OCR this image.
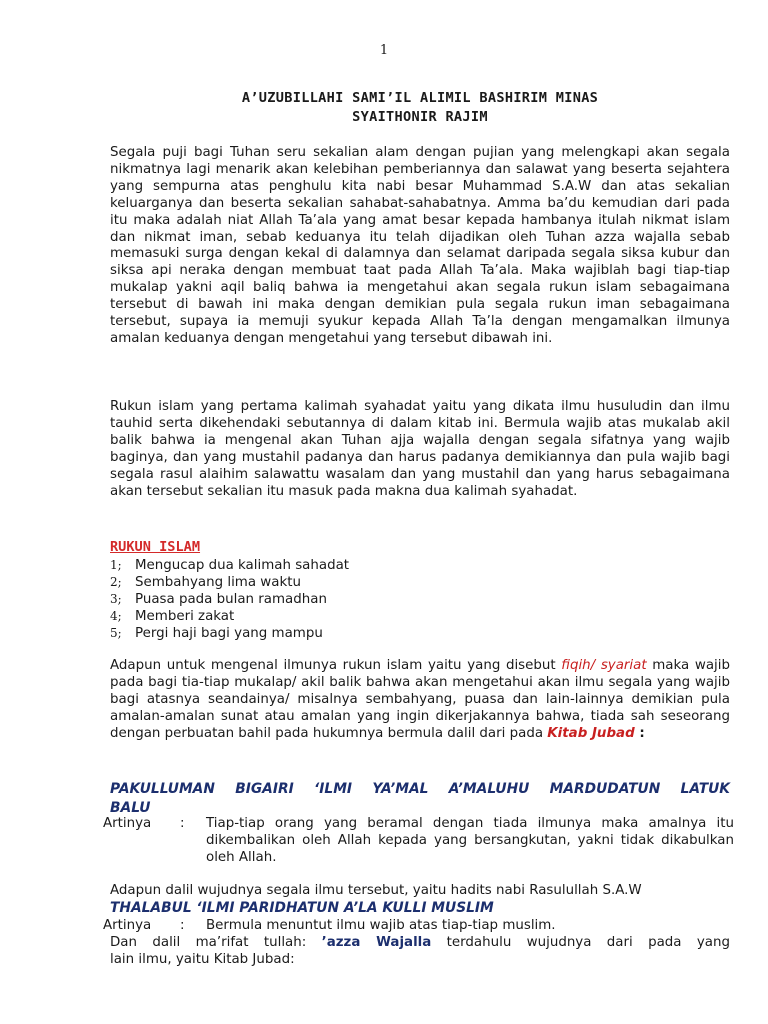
1
A’UZUBILLAHI SAMI’IL ALIMIL BASHIRIM MINAS
SYAITHONIR RAJIM

Segala puji bagi Tuhan seru sekalian alam dengan pujian yang melengkapi akan segala nikmatnya lagi menarik akan kelebihan pemberiannya dan salawat yang beserta sejahtera yang sempurna atas penghulu kita nabi besar Muhammad S.A.W dan atas sekalian keluarganya dan beserta sekalian sahabat-sahabatnya. Amma ba’du kemudian dari pada itu maka adalah niat Allah Ta’ala yang amat besar kepada hambanya itulah nikmat islam dan nikmat iman, sebab keduanya itu telah dijadikan oleh Tuhan azza wajalla sebab memasuki surga dengan kekal di dalamnya dan selamat daripada segala siksa kubur dan siksa api neraka dengan membuat taat pada Allah Ta’ala. Maka wajiblah bagi tiap-tiap mukalap yakni aqil baliq bahwa ia mengetahui akan segala rukun islam sebagaimana tersebut di bawah ini maka dengan demikian pula segala rukun iman sebagaimana tersebut, supaya ia memuji syukur kepada Allah Ta’la dengan mengamalkan ilmunya amalan keduanya dengan mengetahui yang tersebut dibawah ini.

Rukun islam yang pertama kalimah syahadat yaitu yang dikata ilmu husuludin dan ilmu tauhid serta dikehendaki sebutannya di dalam kitab ini. Bermula wajib atas mukalab akil balik bahwa ia mengenal akan Tuhan ajja wajalla dengan segala sifatnya yang wajib baginya, dan yang mustahil padanya dan harus padanya demikiannya dan pula wajib bagi segala rasul alaihim salawattu wasalam dan yang mustahil dan yang harus sebagaimana akan tersebut sekalian itu masuk pada makna dua kalimah syahadat.

RUKUN ISLAM
1; Mengucap dua kalimah sahadat
2; Sembahyang lima waktu
3; Puasa pada bulan ramadhan
4; Memberi zakat
5; Pergi haji bagi yang mampu

Adapun untuk mengenal ilmunya rukun islam yaitu yang disebut fiqih/ syariat maka wajib pada bagi tia-tiap mukalap/ akil balik bahwa akan mengetahui akan ilmu segala yang wajib bagi atasnya seandainya/ misalnya sembahyang, puasa dan lain-lainnya demikian pula amalan-amalan sunat atau amalan yang ingin dikerjakannya bahwa, tiada sah seseorang dengan perbuatan bahil pada hukumnya bermula dalil dari pada Kitab Jubad :

PAKULLUMAN BIGAIRI ‘ILMI YA’MAL A’MALUHU MARDUDATUN LATUK
BALU
Artinya : Tiap-tiap orang yang beramal dengan tiada ilmunya maka amalnya itu dikembalikan oleh Allah kepada yang bersangkutan, yakni tidak dikabulkan oleh Allah.
Adapun dalil wujudnya segala ilmu tersebut, yaitu hadits nabi Rasulullah S.A.W
THALABUL ‘ILMI PARIDHATUN A’LA KULLI MUSLIM
Artinya : Bermula menuntut ilmu wajib atas tiap-tiap muslim.
Dan dalil ma’rifat tullah: ’azza Wajalla terdahulu wujudnya dari pada yang
lain ilmu, yaitu Kitab Jubad:
